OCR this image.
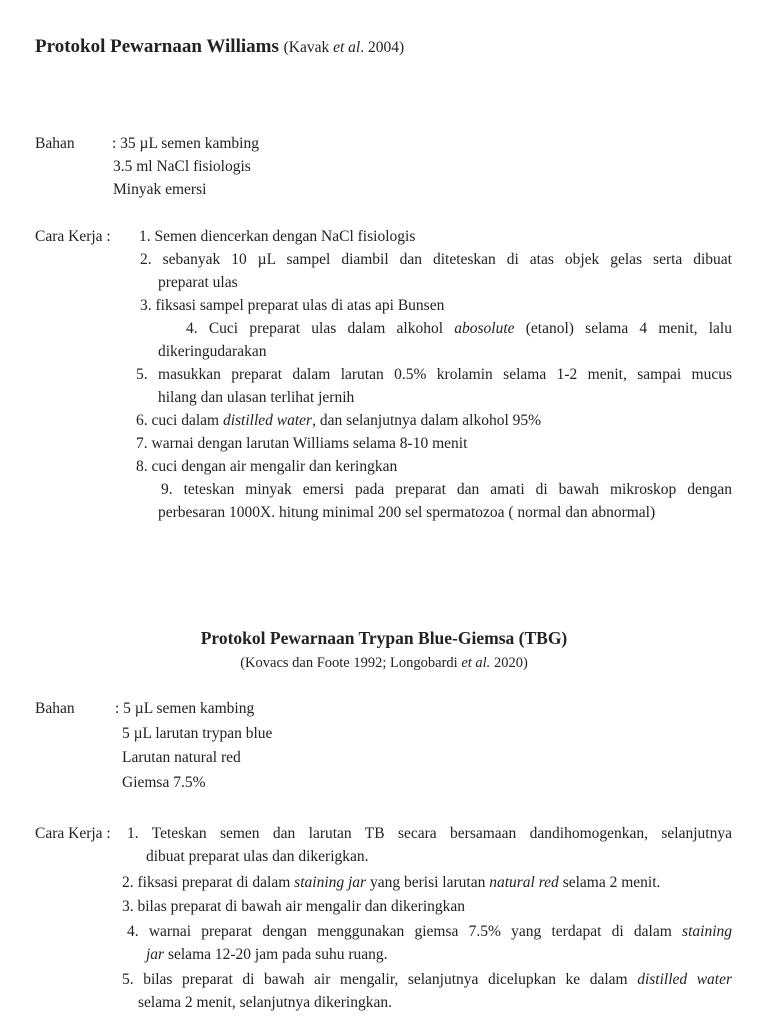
Protokol Pewarnaan Williams (Kavak et al. 2004)
Bahan : 35 µL semen kambing
3.5 ml NaCl fisiologis
Minyak emersi
Cara Kerja : 1. Semen diencerkan dengan NaCl fisiologis
2. sebanyak 10 µL sampel diambil dan diteteskan di atas objek gelas serta dibuat
preparat ulas
3. fiksasi sampel preparat ulas di atas api Bunsen
4. Cuci preparat ulas dalam alkohol abosolute (etanol) selama 4 menit, lalu
dikeringudarakan
5. masukkan preparat dalam larutan 0.5% krolamin selama 1-2 menit, sampai mucus
hilang dan ulasan terlihat jernih
6. cuci dalam distilled water, dan selanjutnya dalam alkohol 95%
7. warnai dengan larutan Williams selama 8-10 menit
8. cuci dengan air mengalir dan keringkan
9. teteskan minyak emersi pada preparat dan amati di bawah mikroskop dengan
perbesaran 1000X. hitung minimal 200 sel spermatozoa ( normal dan abnormal)
Protokol Pewarnaan Trypan Blue-Giemsa (TBG)
(Kovacs dan Foote 1992; Longobardi et al. 2020)
Bahan	: 5 µL semen kambing
5 µL larutan trypan blue
Larutan natural red
Giemsa 7.5%
Cara Kerja : 1. Teteskan semen dan larutan TB secara bersamaan dandihomogenkan, selanjutnya
dibuat preparat ulas dan dikerigkan.
2. fiksasi preparat di dalam staining jar yang berisi larutan natural red selama 2 menit.
3. bilas preparat di bawah air mengalir dan dikeringkan
4. warnai preparat dengan menggunakan giemsa 7.5% yang terdapat di dalam staining
jar selama 12-20 jam pada suhu ruang.
5. bilas preparat di bawah air mengalir, selanjutnya dicelupkan ke dalam distilled water
selama 2 menit, selanjutnya dikeringkan.
